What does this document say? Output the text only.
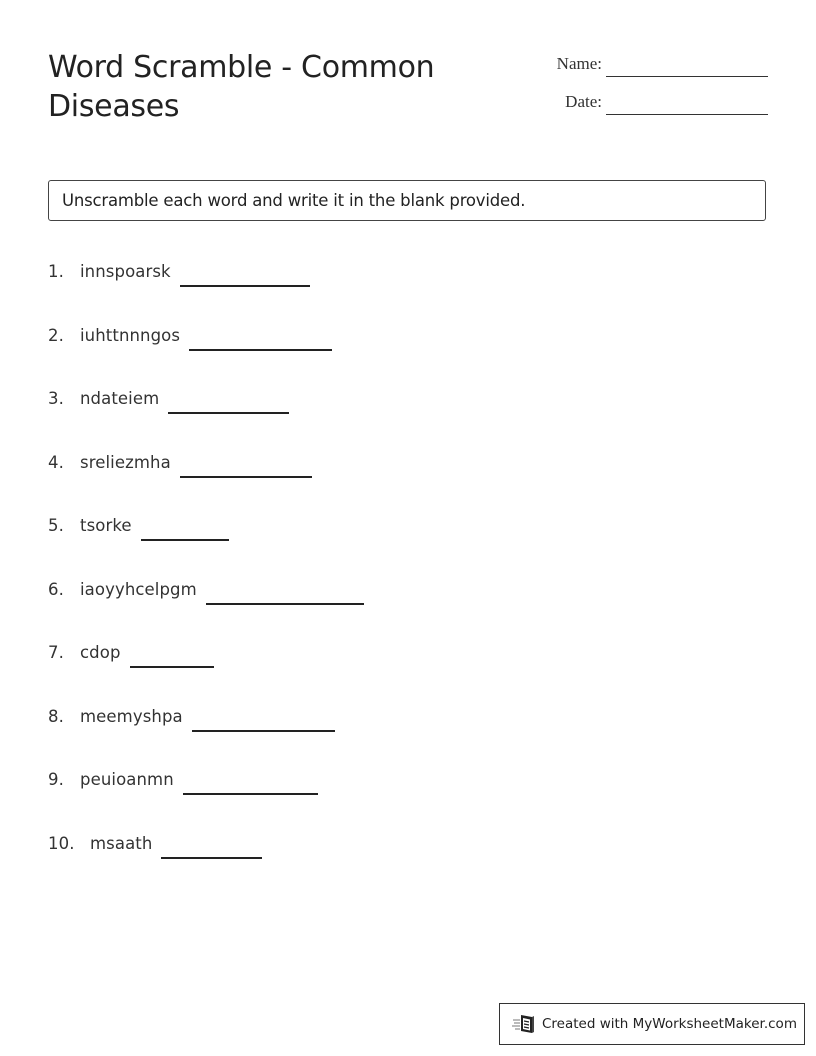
Word Scramble - Common Diseases
Name:
Date:
Unscramble each word and write it in the blank provided.
1. innspoarsk
2. iuhttnnngos
3. ndateiem
4. sreliezmha
5. tsorke
6. iaoyyhcelpgm
7. cdop
8. meemyshpa
9. peuioanmn
10. msaath
Created with MyWorksheetMaker.com
